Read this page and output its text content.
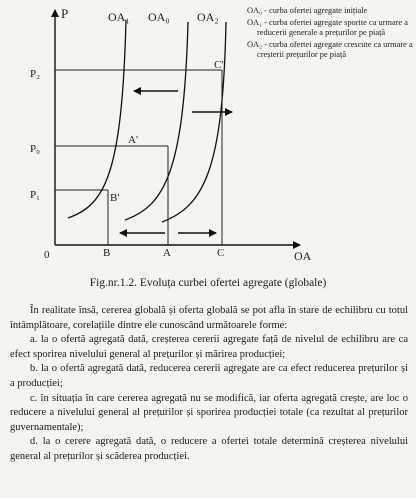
P
OA
0
P₂
P₀
P₁
OA₁ OA₀ OA₂
C'
A'
B'
B	A	C
OA₀ - curba ofertei agregate inițiale
OA₁ - curba ofertei agregate sporite ca urmare a reducerii generale a prețurilor pe piață
OA₂ - curba ofertei agregate crescute ca urmare a creșterii prețurilor pe piață
Fig.nr.1.2. Evoluța curbei ofertei agregate (globale)

În realitate însă, cererea globală și oferta globală se pot afla în stare de echilibru cu totul întâmplătoare, corelațiile dintre ele cunoscând următoarele forme:

a. la o ofertă agregată dată, creșterea cererii agregate față de nivelul de echilibru are ca efect sporirea nivelului general al prețurilor și mărirea producției;

b. la o ofertă agregată dată, reducerea cererii agregate are ca efect reducerea prețurilor și a producției;

c. în situația în care cererea agregată nu se modifică, iar oferta agregată crește, are loc o reducere a nivelului general al prețurilor și sporirea producției totale (ca rezultat al prețurilor guvernamentale);

d. la o cerere agregată dată, o reducere a ofertei totale determină creșterea nivelului general al prețurilor și scăderea producției.
